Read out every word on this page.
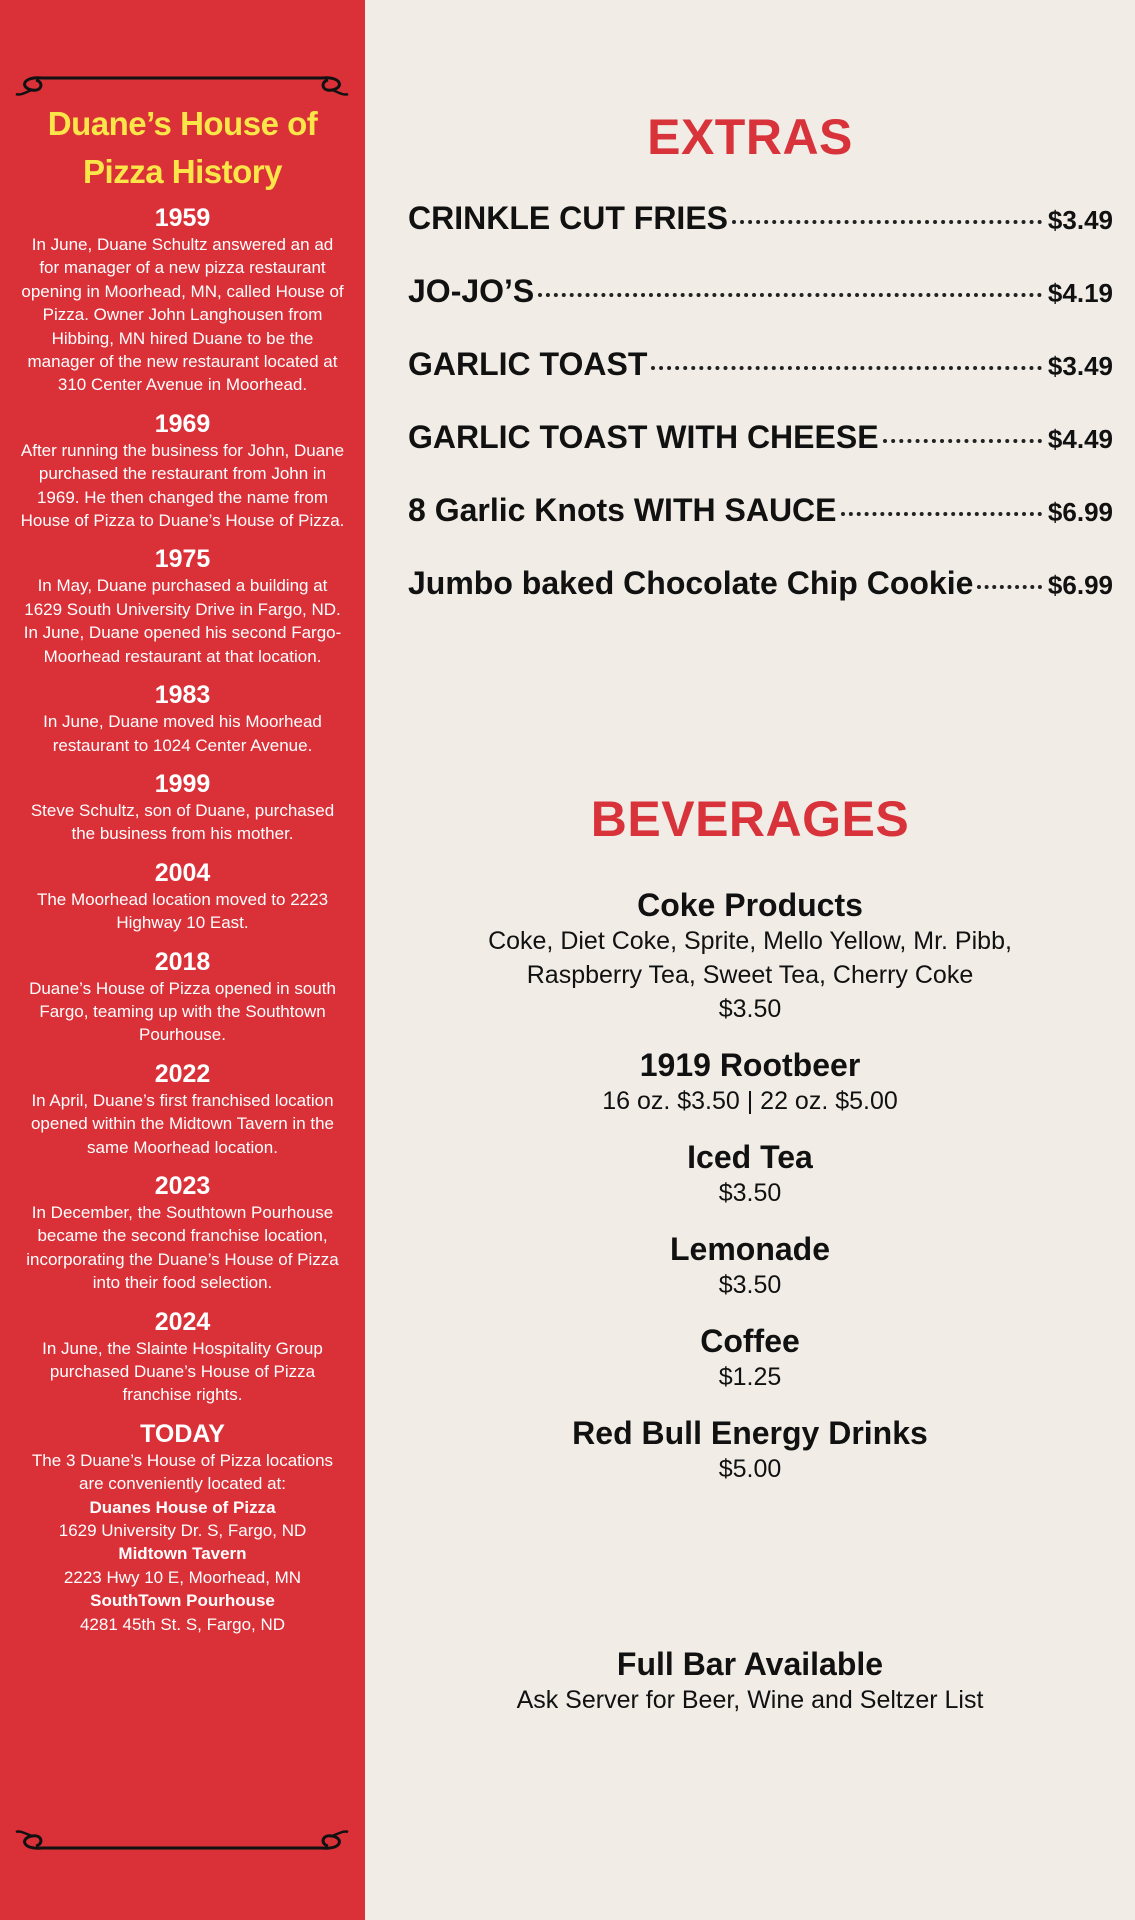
Duane’s House of
Pizza History
1959
In June, Duane Schultz answered an ad for manager of a new pizza restaurant opening in Moorhead, MN, called House of Pizza. Owner John Langhousen from Hibbing, MN hired Duane to be the manager of the new restaurant located at 310 Center Avenue in Moorhead.
1969
After running the business for John, Duane purchased the restaurant from John in 1969. He then changed the name from House of Pizza to Duane’s House of Pizza.
1975
In May, Duane purchased a building at 1629 South University Drive in Fargo, ND. In June, Duane opened his second Fargo-Moorhead restaurant at that location.
1983
In June, Duane moved his Moorhead restaurant to 1024 Center Avenue.
1999
Steve Schultz, son of Duane, purchased the business from his mother.
2004
The Moorhead location moved to 2223 Highway 10 East.
2018
Duane’s House of Pizza opened in south Fargo, teaming up with the Southtown Pourhouse.
2022
In April, Duane’s first franchised location opened within the Midtown Tavern in the same Moorhead location.
2023
In December, the Southtown Pourhouse became the second franchise location, incorporating the Duane’s House of Pizza into their food selection.
2024
In June, the Slainte Hospitality Group purchased Duane’s House of Pizza franchise rights.
TODAY
The 3 Duane’s House of Pizza locations are conveniently located at:
Duanes House of Pizza
1629 University Dr. S, Fargo, ND
Midtown Tavern
2223 Hwy 10 E, Moorhead, MN
SouthTown Pourhouse
4281 45th St. S, Fargo, ND
EXTRAS
CRINKLE CUT FRIES	$3.49
JO-JO’S	$4.19
GARLIC TOAST	$3.49
GARLIC TOAST WITH CHEESE	$4.49
8 Garlic Knots WITH SAUCE	$6.99
Jumbo baked Chocolate Chip Cookie	$6.99
BEVERAGES
Coke Products
Coke, Diet Coke, Sprite, Mello Yellow, Mr. Pibb,
Raspberry Tea, Sweet Tea, Cherry Coke
$3.50
1919 Rootbeer
16 oz. $3.50 | 22 oz. $5.00
Iced Tea
$3.50
Lemonade
$3.50
Coffee
$1.25
Red Bull Energy Drinks
$5.00
Full Bar Available
Ask Server for Beer, Wine and Seltzer List
